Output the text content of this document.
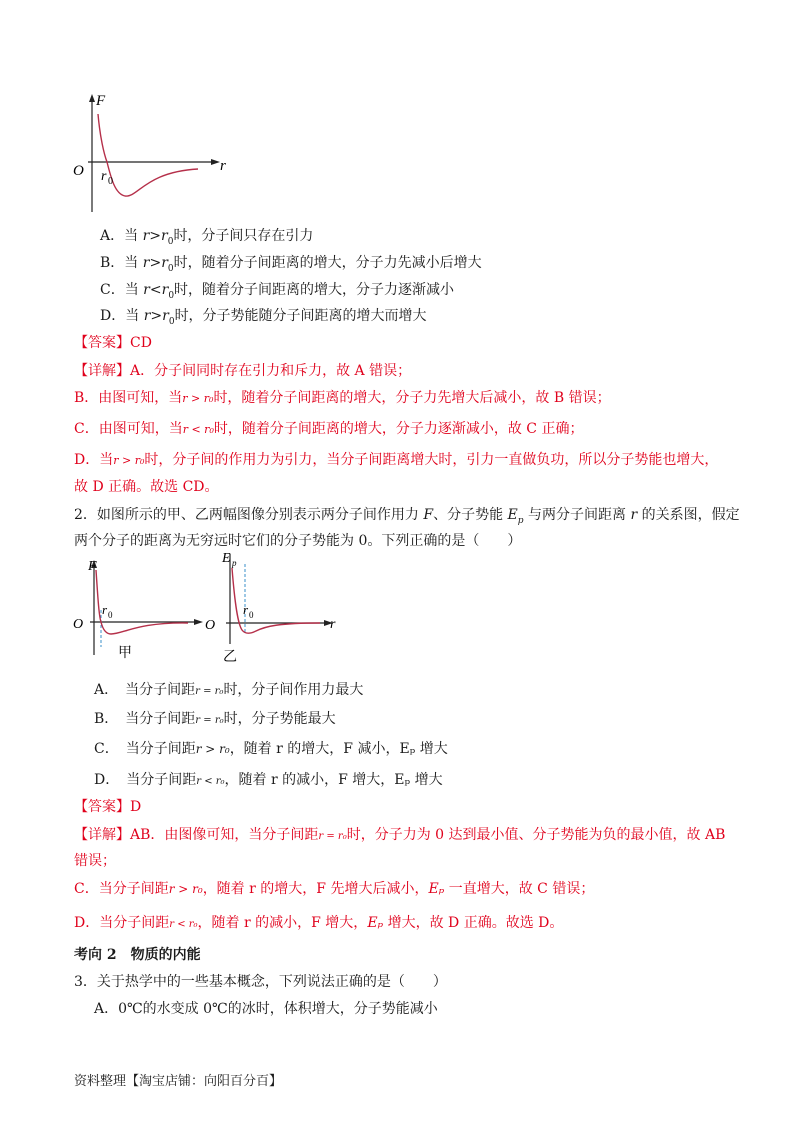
F
O	r
r 0
A．当 $r>r_0$时，分子间只存在引力
B．当 $r>r_0$时，随着分子间距离的增大，分子力先减小后增大
C．当 $r<r_0$时，随着分子间距离的增大，分子力逐渐减小
D．当 $r>r_0$时，分子势能随分子间距离的增大而增大
【答案】CD
【详解】A．分子间同时存在引力和斥力，故 A 错误；
B．由图可知，当r > r₀时，随着分子间距离的增大，分子力先增大后减小，故 B 错误；
C．由图可知，当r < r₀时，随着分子间距离的增大，分子力逐渐减小，故 C 正确；
D．当r > r₀时，分子间的作用力为引力，当分子间距离增大时，引力一直做负功，所以分子势能也增大，
故 D 正确。故选 CD。
2．如图所示的甲、乙两幅图像分别表示两分子间作用力 F、分子势能 $E_p$ 与两分子间距离 r 的关系图，假定
两个分子的距离为无穷远时它们的分子势能为 0。下列正确的是（　　）
F
O
r 0
甲
E p
O	r
r 0
乙
A．　当分子间距r = r₀时，分子间作用力最大
B．　当分子间距r = r₀时，分子势能最大
C．　当分子间距r > r₀，随着 r 的增大，F 减小，Eₚ 增大
D．　当分子间距r < r₀，随着 r 的减小，F 增大，Eₚ 增大
【答案】D
【详解】AB．由图像可知，当分子间距r = r₀时，分子力为 0 达到最小值、分子势能为负的最小值，故 AB
错误；
C．当分子间距r > r₀，随着 r 的增大，F 先增大后减小，Eₚ 一直增大，故 C 错误；
D．当分子间距r < r₀，随着 r 的减小，F 增大，Eₚ 增大，故 D 正确。故选 D。
考向 2　物质的内能
3．关于热学中的一些基本概念，下列说法正确的是（　　）
A．0℃的水变成 0℃的冰时，体积增大，分子势能减小
资料整理【淘宝店铺：向阳百分百】
